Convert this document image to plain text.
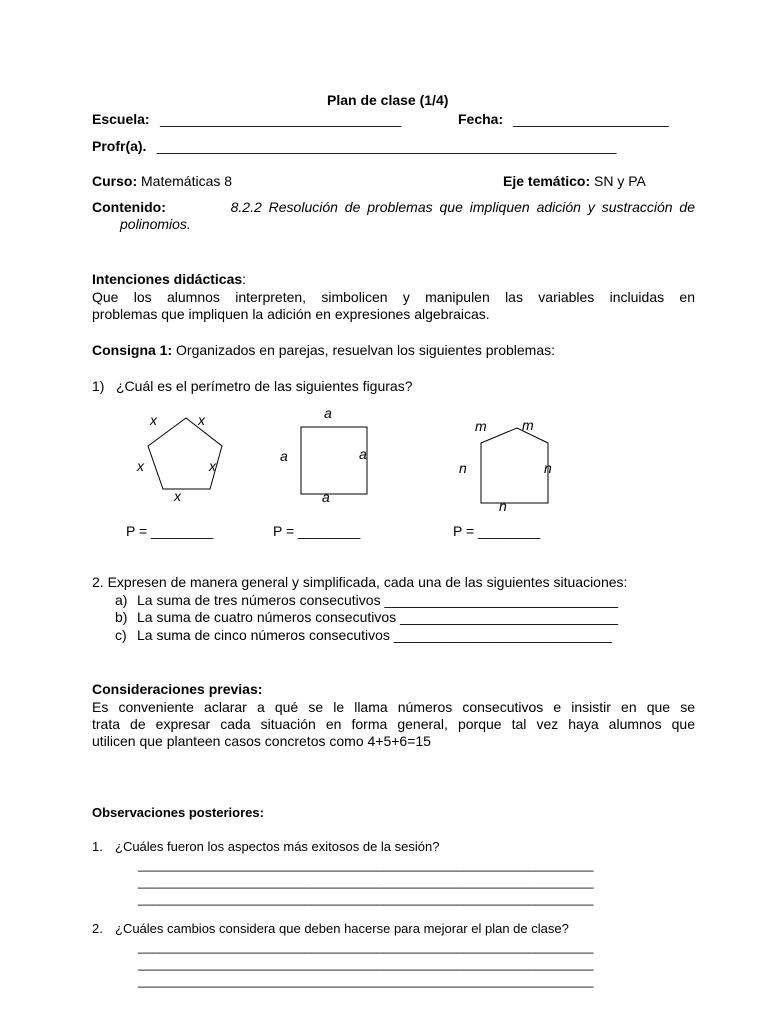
Plan de clase (1/4)
Escuela: _______________________________	Fecha: ____________________
Profr(a). ___________________________________________________________
Curso: Matemáticas 8	Eje temático: SN y PA
Contenido:	8.2.2 Resolución de problemas que impliquen adición y sustracción de
polinomios.
Intenciones didácticas:
Que los alumnos interpreten, simbolicen y manipulen las variables incluidas en
problemas que impliquen la adición en expresiones algebraicas.
Consigna 1: Organizados en parejas, resuelvan los siguientes problemas:
1) ¿Cuál es el perímetro de las siguientes figuras?
x	x
x	x
x
a
a	a
a
m	m
n	n
n
P = ________	P = ________	P = ________
2. Expresen de manera general y simplificada, cada una de las siguientes situaciones:
a) La suma de tres números consecutivos ______________________________
b) La suma de cuatro números consecutivos ____________________________
c) La suma de cinco números consecutivos ____________________________
Consideraciones previas:
Es conveniente aclarar a qué se le llama números consecutivos e insistir en que se
trata de expresar cada situación en forma general, porque tal vez haya alumnos que
utilicen que planteen casos concretos como 4+5+6=15
Observaciones posteriores:
1. ¿Cuáles fueron los aspectos más exitosos de la sesión?
_______________________________________________________________
_______________________________________________________________
_______________________________________________________________
2. ¿Cuáles cambios considera que deben hacerse para mejorar el plan de clase?
_______________________________________________________________
_______________________________________________________________
_______________________________________________________________
